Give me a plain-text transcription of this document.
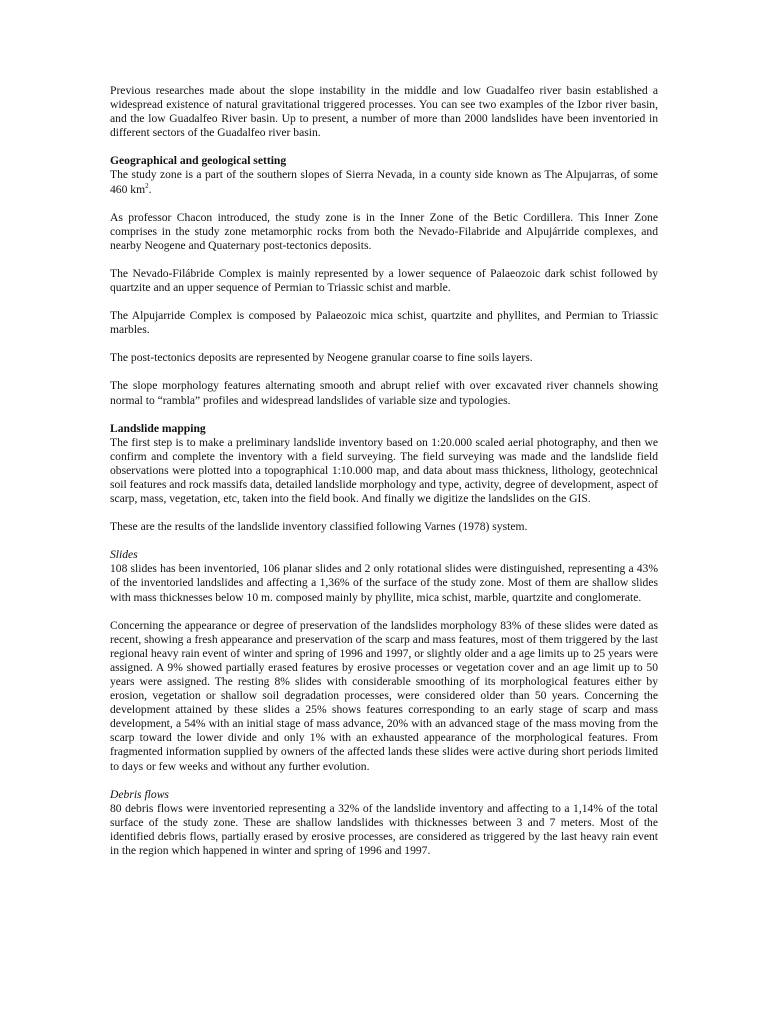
Previous researches made about the slope instability in the middle and low Guadalfeo river basin established a widespread existence of natural gravitational triggered processes. You can see two examples of the Izbor river basin, and the low Guadalfeo River basin. Up to present, a number of more than 2000 landslides have been inventoried in different sectors of the Guadalfeo river basin.

Geographical and geological setting

The study zone is a part of the southern slopes of Sierra Nevada, in a county side known as The Alpujarras, of some 460 $km^2$.

As professor Chacon introduced, the study zone is in the Inner Zone of the Betic Cordillera. This Inner Zone comprises in the study zone metamorphic rocks from both the Nevado-Filabride and Alpujárride complexes, and nearby Neogene and Quaternary post-tectonics deposits.

The Nevado-Filábride Complex is mainly represented by a lower sequence of Palaeozoic dark schist followed by quartzite and an upper sequence of Permian to Triassic schist and marble.

The Alpujarride Complex is composed by Palaeozoic mica schist, quartzite and phyllites, and Permian to Triassic marbles.

The post-tectonics deposits are represented by Neogene granular coarse to fine soils layers.

The slope morphology features alternating smooth and abrupt relief with over excavated river channels showing normal to “rambla” profiles and widespread landslides of variable size and typologies.

Landslide mapping

The first step is to make a preliminary landslide inventory based on 1:20.000 scaled aerial photography, and then we confirm and complete the inventory with a field surveying. The field surveying was made and the landslide field observations were plotted into a topographical 1:10.000 map, and data about mass thickness, lithology, geotechnical soil features and rock massifs data, detailed landslide morphology and type, activity, degree of development, aspect of scarp, mass, vegetation, etc, taken into the field book. And finally we digitize the landslides on the GIS.

These are the results of the landslide inventory classified following Varnes (1978) system.

Slides

108 slides has been inventoried, 106 planar slides and 2 only rotational slides were distinguished, representing a 43% of the inventoried landslides and affecting a 1,36% of the surface of the study zone. Most of them are shallow slides with mass thicknesses below 10 m. composed mainly by phyllite, mica schist, marble, quartzite and conglomerate.

Concerning the appearance or degree of preservation of the landslides morphology 83% of these slides were dated as recent, showing a fresh appearance and preservation of the scarp and mass features, most of them triggered by the last regional heavy rain event of winter and spring of 1996 and 1997, or slightly older and a age limits up to 25 years were assigned. A 9% showed partially erased features by erosive processes or vegetation cover and an age limit up to 50 years were assigned. The resting 8% slides with considerable smoothing of its morphological features either by erosion, vegetation or shallow soil degradation processes, were considered older than 50 years. Concerning the development attained by these slides a 25% shows features corresponding to an early stage of scarp and mass development, a 54% with an initial stage of mass advance, 20% with an advanced stage of the mass moving from the scarp toward the lower divide and only 1% with an exhausted appearance of the morphological features. From fragmented information supplied by owners of the affected lands these slides were active during short periods limited to days or few weeks and without any further evolution.

Debris flows

80 debris flows were inventoried representing a 32% of the landslide inventory and affecting to a 1,14% of the total surface of the study zone. These are shallow landslides with thicknesses between 3 and 7 meters. Most of the identified debris flows, partially erased by erosive processes, are considered as triggered by the last heavy rain event in the region which happened in winter and spring of 1996 and 1997.
